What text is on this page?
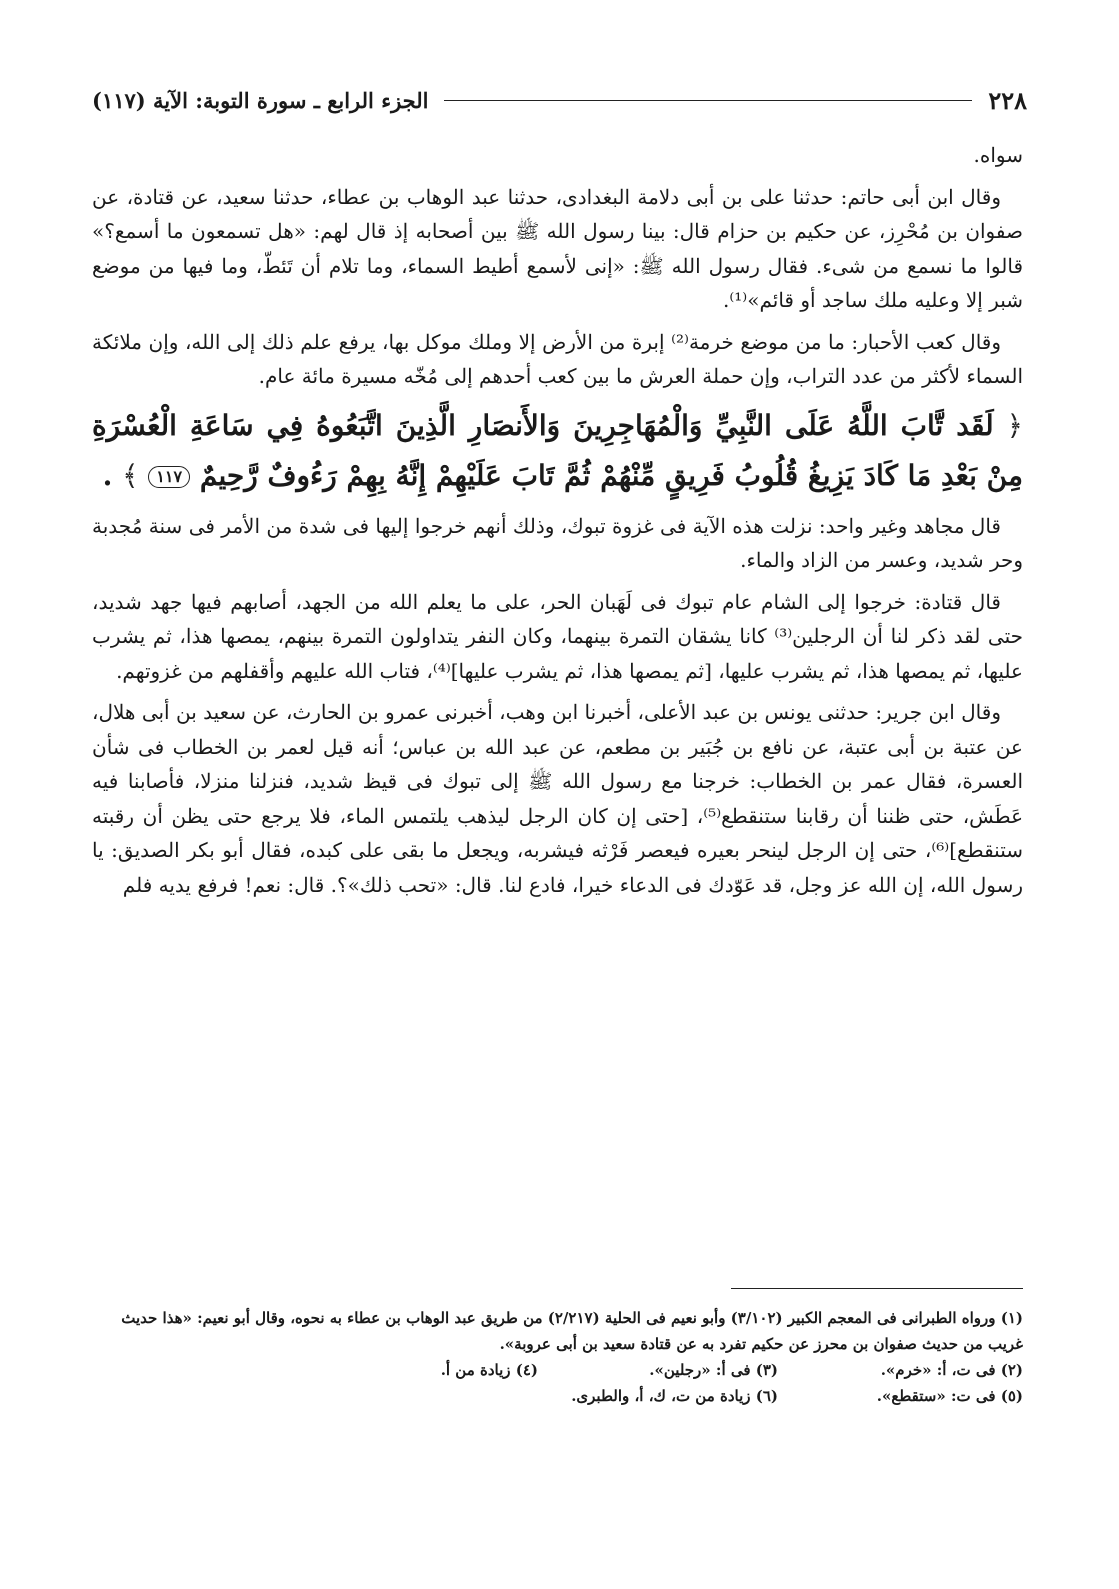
٢٢٨
الجزء الرابع ـ سورة التوبة: الآية (١١٧)

سواه.

وقال ابن أبى حاتم: حدثنا على بن أبى دلامة البغدادى، حدثنا عبد الوهاب بن عطاء، حدثنا سعيد، عن قتادة، عن صفوان بن مُحْرِز، عن حكيم بن حزام قال: بينا رسول الله ﷺ بين أصحابه إذ قال لهم: «هل تسمعون ما أسمع؟» قالوا ما نسمع من شىء. فقال رسول الله ﷺ: «إنى لأسمع أطيط السماء، وما تلام أن تَئطّ، وما فيها من موضع شبر إلا وعليه ملك ساجد أو قائم»⁽¹⁾.

وقال كعب الأحبار: ما من موضع خرمة⁽²⁾ إبرة من الأرض إلا وملك موكل بها، يرفع علم ذلك إلى الله، وإن ملائكة السماء لأكثر من عدد التراب، وإن حملة العرش ما بين كعب أحدهم إلى مُخّه مسيرة مائة عام.

﴿ لَقَد تَّابَ اللَّهُ عَلَى النَّبِيِّ وَالْمُهَاجِرِينَ وَالأَنصَارِ الَّذِينَ اتَّبَعُوهُ فِي سَاعَةِ الْعُسْرَةِ مِنْ بَعْدِ مَا كَادَ يَزِيغُ قُلُوبُ فَرِيقٍ مِّنْهُمْ ثُمَّ تَابَ عَلَيْهِمْ إِنَّهُ بِهِمْ رَءُوفٌ رَّحِيمٌ ١١٧ ﴾ .

قال مجاهد وغير واحد: نزلت هذه الآية فى غزوة تبوك، وذلك أنهم خرجوا إليها فى شدة من الأمر فى سنة مُجدبة وحر شديد، وعسر من الزاد والماء.

قال قتادة: خرجوا إلى الشام عام تبوك فى لَهَبان الحر، على ما يعلم الله من الجهد، أصابهم فيها جهد شديد، حتى لقد ذكر لنا أن الرجلين⁽³⁾ كانا يشقان التمرة بينهما، وكان النفر يتداولون التمرة بينهم، يمصها هذا، ثم يشرب عليها، ثم يمصها هذا، ثم يشرب عليها، [ثم يمصها هذا، ثم يشرب عليها]⁽⁴⁾، فتاب الله عليهم وأقفلهم من غزوتهم.

وقال ابن جرير: حدثنى يونس بن عبد الأعلى، أخبرنا ابن وهب، أخبرنى عمرو بن الحارث، عن سعيد بن أبى هلال، عن عتبة بن أبى عتبة، عن نافع بن جُبَير بن مطعم، عن عبد الله بن عباس؛ أنه قيل لعمر بن الخطاب فى شأن العسرة، فقال عمر بن الخطاب: خرجنا مع رسول الله ﷺ إلى تبوك فى قيظ شديد، فنزلنا منزلا، فأصابنا فيه عَطَش، حتى ظننا أن رقابنا ستنقطع⁽⁵⁾، [حتى إن كان الرجل ليذهب يلتمس الماء، فلا يرجع حتى يظن أن رقبته ستنقطع]⁽⁶⁾، حتى إن الرجل لينحر بعيره فيعصر فَرْثه فيشربه، ويجعل ما بقى على كبده، فقال أبو بكر الصديق: يا رسول الله، إن الله عز وجل، قد عَوّدك فى الدعاء خيرا، فادع لنا. قال: «تحب ذلك»؟. قال: نعم! فرفع يديه فلم

(١) ورواه الطبرانى فى المعجم الكبير (٣/١٠٢) وأبو نعيم فى الحلية (٢/٢١٧) من طريق عبد الوهاب بن عطاء به نحوه، وقال أبو نعيم: «هذا حديث غريب من حديث صفوان بن محرز عن حكيم تفرد به عن قتادة سعيد بن أبى عروبة».
(٢) فى ت، أ: «خرم».
(٣) فى أ: «رجلين».
(٤) زيادة من أ.
(٥) فى ت: «ستقطع».
(٦) زيادة من ت، ك، أ، والطبرى.
